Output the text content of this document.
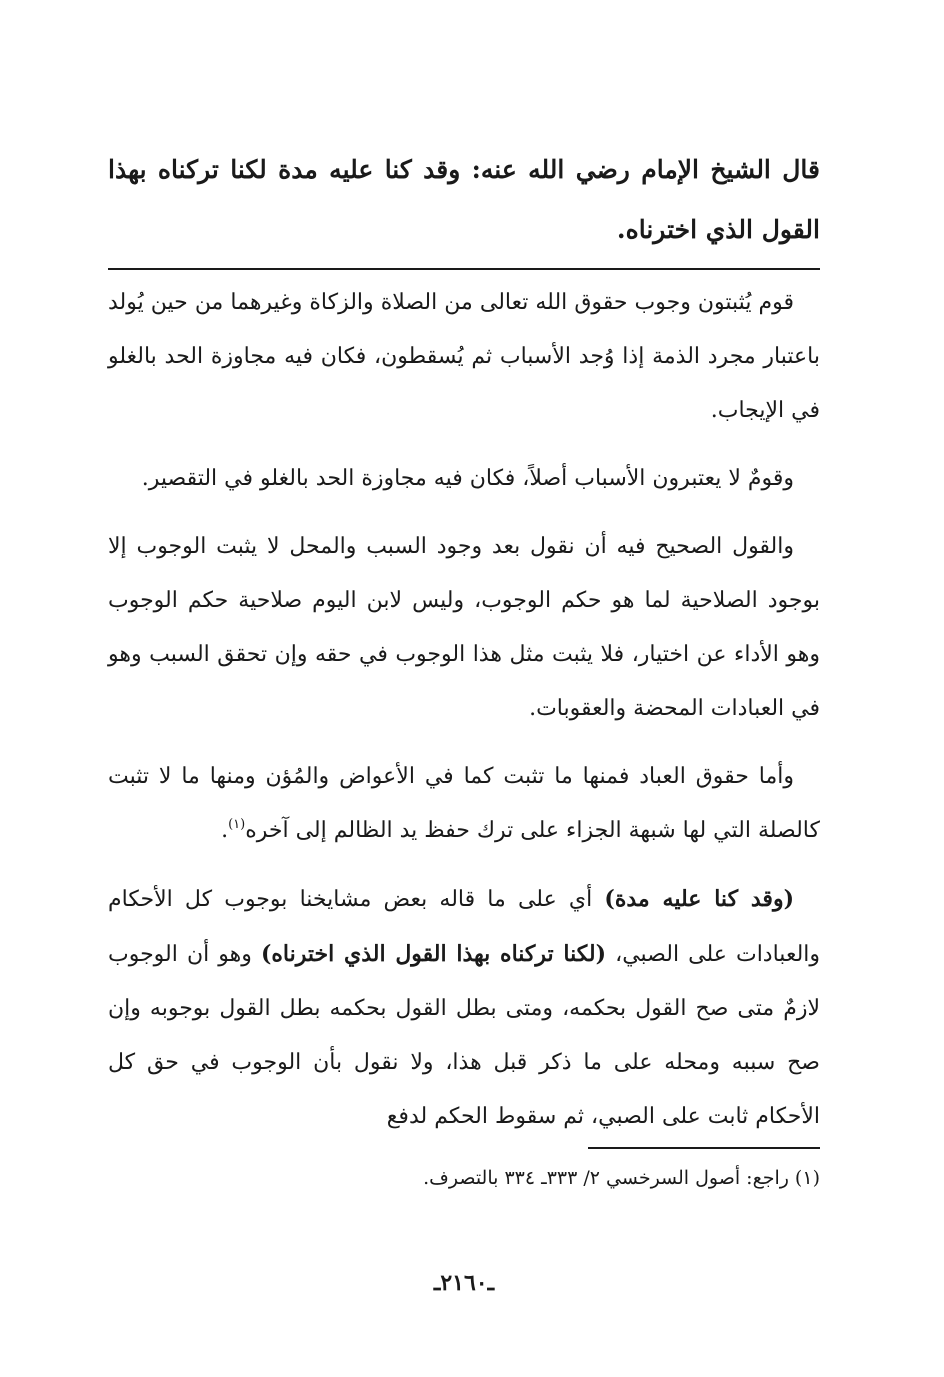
قال الشيخ الإمام رضي الله عنه: وقد كنا عليه مدة لكنا تركناه بهذا القول الذي اخترناه.

قوم يُثبتون وجوب حقوق الله تعالى من الصلاة والزكاة وغيرهما من حين يُولد باعتبار مجرد الذمة إذا وُجد الأسباب ثم يُسقطون، فكان فيه مجاوزة الحد بالغلو في الإيجاب.

وقومٌ لا يعتبرون الأسباب أصلاً، فكان فيه مجاوزة الحد بالغلو في التقصير.

والقول الصحيح فيه أن نقول بعد وجود السبب والمحل لا يثبت الوجوب إلا بوجود الصلاحية لما هو حكم الوجوب، وليس لابن اليوم صلاحية حكم الوجوب وهو الأداء عن اختيار، فلا يثبت مثل هذا الوجوب في حقه وإن تحقق السبب وهو في العبادات المحضة والعقوبات.

وأما حقوق العباد فمنها ما تثبت كما في الأعواض والمُؤن ومنها ما لا تثبت كالصلة التي لها شبهة الجزاء على ترك حفظ يد الظالم إلى آخره$^{(١)}$.

(وقد كنا عليه مدة) أي على ما قاله بعض مشايخنا بوجوب كل الأحكام والعبادات على الصبي، (لكنا تركناه بهذا القول الذي اخترناه) وهو أن الوجوب لازمٌ متى صح القول بحكمه، ومتى بطل القول بحكمه بطل القول بوجوبه وإن صح سببه ومحله على ما ذكر قبل هذا، ولا نقول بأن الوجوب في حق كل الأحكام ثابت على الصبي، ثم سقوط الحكم لدفع

(١) راجع: أصول السرخسي ٢/ ٣٣٣ـ ٣٣٤ بالتصرف.
ـ٢١٦٠ـ
